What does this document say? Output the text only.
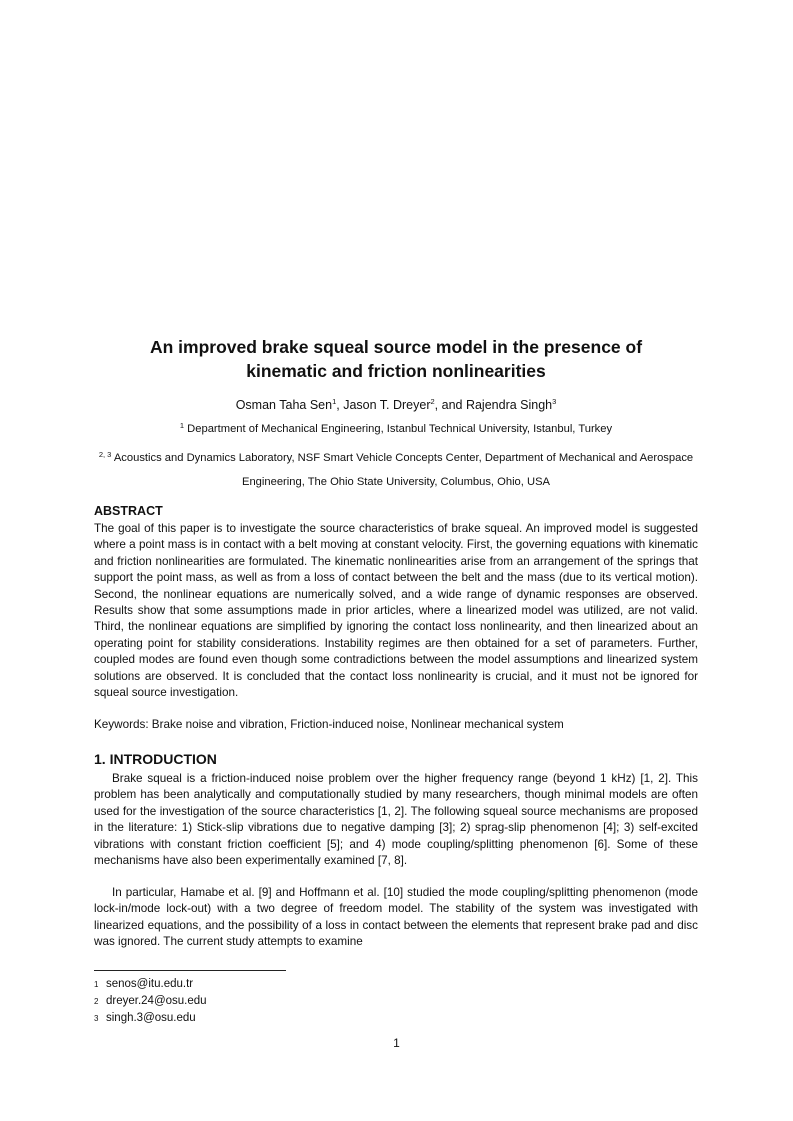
An improved brake squeal source model in the presence of
kinematic and friction nonlinearities
Osman Taha Sen$^1$, Jason T. Dreyer$^2$, and Rajendra Singh$^3$
$^1$ Department of Mechanical Engineering, Istanbul Technical University, Istanbul, Turkey
$^{2, 3}$ Acoustics and Dynamics Laboratory, NSF Smart Vehicle Concepts Center, Department of Mechanical and Aerospace Engineering, The Ohio State University, Columbus, Ohio, USA
ABSTRACT

The goal of this paper is to investigate the source characteristics of brake squeal. An improved model is suggested where a point mass is in contact with a belt moving at constant velocity. First, the governing equations with kinematic and friction nonlinearities are formulated. The kinematic nonlinearities arise from an arrangement of the springs that support the point mass, as well as from a loss of contact between the belt and the mass (due to its vertical motion). Second, the nonlinear equations are numerically solved, and a wide range of dynamic responses are observed. Results show that some assumptions made in prior articles, where a linearized model was utilized, are not valid. Third, the nonlinear equations are simplified by ignoring the contact loss nonlinearity, and then linearized about an operating point for stability considerations. Instability regimes are then obtained for a set of parameters. Further, coupled modes are found even though some contradictions between the model assumptions and linearized system solutions are observed. It is concluded that the contact loss nonlinearity is crucial, and it must not be ignored for squeal source investigation.

Keywords: Brake noise and vibration, Friction-induced noise, Nonlinear mechanical system

1. INTRODUCTION

Brake squeal is a friction-induced noise problem over the higher frequency range (beyond 1 kHz) [1, 2]. This problem has been analytically and computationally studied by many researchers, though minimal models are often used for the investigation of the source characteristics [1, 2]. The following squeal source mechanisms are proposed in the literature: 1) Stick-slip vibrations due to negative damping [3]; 2) sprag-slip phenomenon [4]; 3) self-excited vibrations with constant friction coefficient [5]; and 4) mode coupling/splitting phenomenon [6]. Some of these mechanisms have also been experimentally examined [7, 8].

In particular, Hamabe et al. [9] and Hoffmann et al. [10] studied the mode coupling/splitting phenomenon (mode lock-in/mode lock-out) with a two degree of freedom model. The stability of the system was investigated with linearized equations, and the possibility of a loss in contact between the elements that represent brake pad and disc was ignored. The current study attempts to examine

1 senos@itu.edu.tr
2 dreyer.24@osu.edu
3 singh.3@osu.edu
1
